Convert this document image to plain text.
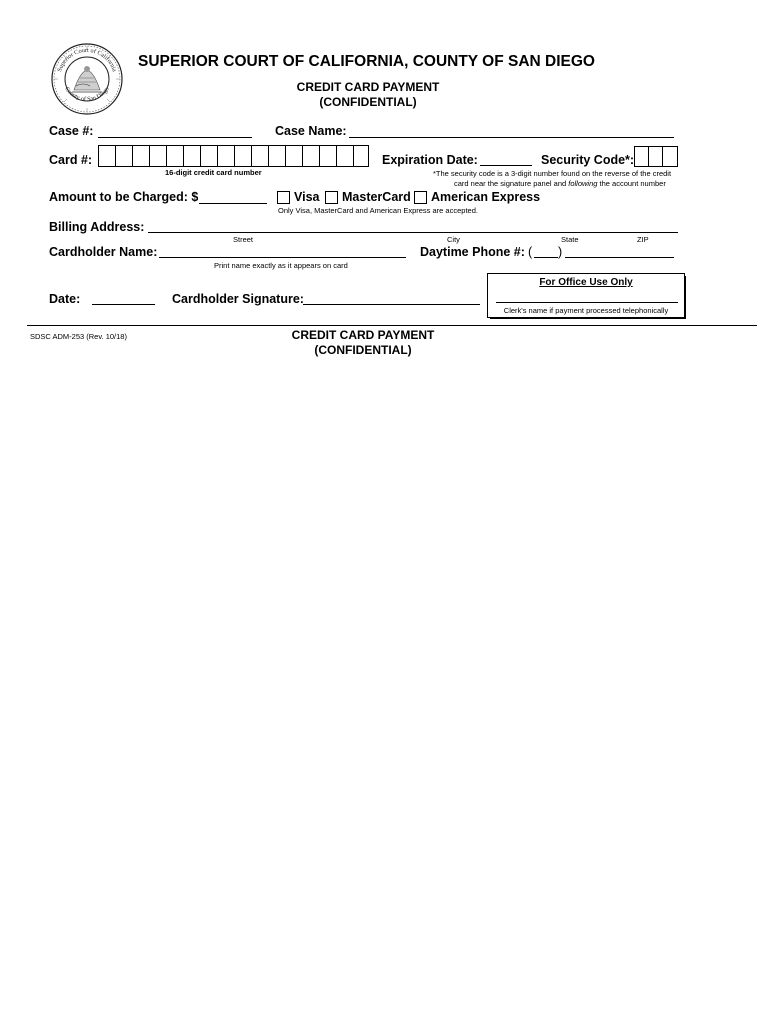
Superior Court of California
County of San Diego
SUPERIOR COURT OF CALIFORNIA, COUNTY OF SAN DIEGO
CREDIT CARD PAYMENT
(CONFIDENTIAL)
Case #:	Case Name:
Card #:
16-digit credit card number
Expiration Date:	Security Code*:
*The security code is a 3-digit number found on the reverse of the credit
card near the signature panel and following the account number
Amount to be Charged: $	Visa MasterCard American Express
Only Visa, MasterCard and American Express are accepted.
Billing Address:
Street	City	State	ZIP
Cardholder Name:
Print name exactly as it appears on card
Daytime Phone #: ( )
For Office Use Only
Clerk's name if payment processed telephonically
Date:	Cardholder Signature:
SDSC ADM-253 (Rev. 10/18)	CREDIT CARD PAYMENT
(CONFIDENTIAL)
